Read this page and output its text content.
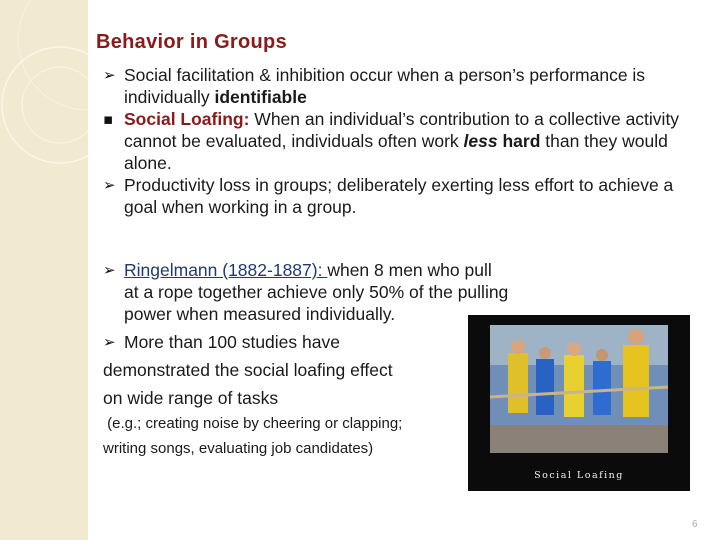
Behavior in Groups

➢ Social facilitation & inhibition occur when a person’s performance is individually identifiable

▪ Social Loafing: When an individual’s contribution to a collective activity cannot be evaluated, individuals often work less hard than they would alone.

➢ Productivity loss in groups; deliberately exerting less effort to achieve a goal when working in a group.

➢ Ringelmann (1882-1887): when 8 men who pull
at a rope together achieve only 50% of the pulling
power when measured individually.

➢ More than 100 studies have

demonstrated the social loafing effect

on wide range of tasks

(e.g.; creating noise by cheering or clapping;
writing songs, evaluating job candidates)
Social Loafing
6
